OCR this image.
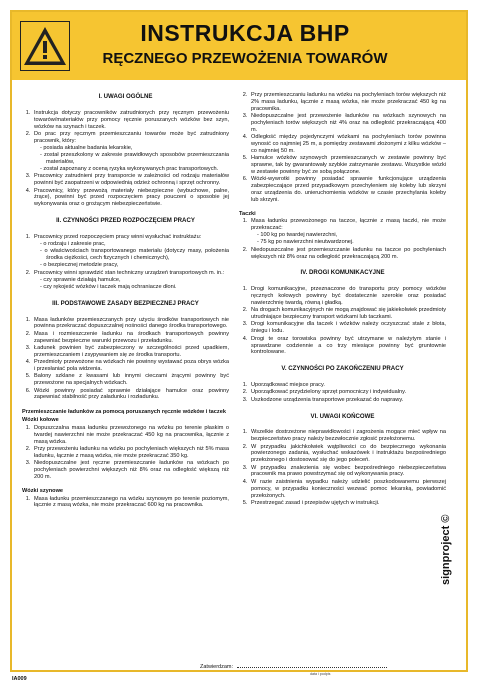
INSTRUKCJA BHP
RĘCZNEGO PRZEWOŻENIA TOWARÓW
I. UWAGI OGÓLNE
1. Instrukcja dotyczy pracowników zatrudnionych przy ręcznym przewożeniu towarów/materiałów przy pomocy ręcznie poruszanych wózków bez szyn, wózków na szynach i taczek.
2. Do prac przy ręcznym przemieszczaniu towarów może być zatrudniony pracownik, który:
- posiada aktualne badania lekarskie,
- został przeszkolony w zakresie prawidłowych sposobów przemieszczania materiałów,
- został zapoznany z oceną ryzyka wykonywanych prac transportowych.
3. Pracownicy zatrudnieni przy transporcie w zależności od rodzaju materiałów powinni być zaopatrzeni w odpowiednią odzież ochronną i sprzęt ochronny.
4. Pracownicy, który przewożą materiały niebezpieczne (wybuchowe, palne, żrące), powinni być przed rozpoczęciem pracy pouczeni o sposobie jej wykonywania oraz o grożącym niebezpieczeństwie.
II. CZYNNOŚCI PRZED ROZPOCZĘCIEM PRACY
1. Pracownicy przed rozpoczęciem pracy winni wysłuchać instruktażu:
- o rodzaju i zakresie prac,
- o właściwościach transportowanego materiału (dotyczy masy, położenia środka ciężkości, cech fizycznych i chemicznych),
- o bezpiecznej metodzie pracy,
2. Pracownicy winni sprawdzić stan techniczny urządzeń transportowych m. in.:
- czy sprawnie działają hamulce,
- czy rękojeść wózków i taczek mają ochraniacze dłoni.
III. PODSTAWOWE ZASADY BEZPIECZNEJ PRACY
1. Masa ładunków przemieszczanych przy użyciu środków transportowych nie powinna przekraczać dopuszczalnej nośności danego środka transportowego.
2. Masa i rozmieszczenie ładunku na środkach transportowych powinny zapewniać bezpieczne warunki przewozu i przeładunku.
3. Ładunek powinien być zabezpieczony w szczególności przed upadkiem, przemieszczaniem i zsypywaniem się ze środka transportu.
4. Przedmioty przewożone na wózkach nie powinny wystawać poza obrys wózka i przesłaniać pola widzenia.
5. Balony szklane z kwasami lub innymi cieczami żrącymi powinny być przewożone na specjalnych wózkach.
6. Wózki powinny posiadać sprawnie działające hamulce oraz powinny zapewniać stabilność przy załadunku i rozładunku.
Przemieszczanie ładunków za pomocą poruszanych ręcznie wózków i taczek
Wózki kołowe
1. Dopuszczalna masa ładunku przewożonego na wózku po terenie płaskim o twardej nawierzchni nie może przekraczać 450 kg na pracownika, łącznie z masą wózka.
2. Przy przewożeniu ładunku na wózku po pochyleniach większych niż 5% masa ładunku, łącznie z masą wózka, nie może przekraczać 350 kg.
3. Niedopuszczalne jest ręczne przemieszczanie ładunków na wózkach po pochyleniach powierzchni większych niż 8% oraz na odległość większą niż 200 m.
Wózki szynowe
1. Masa ładunku przemieszczanego na wózku szynowym po terenie poziomym, łącznie z masą wózka, nie może przekraczać 600 kg na pracownika.
2. Przy przemieszczaniu ładunku na wózku na pochyleniach torów większych niż 2% masa ładunku, łącznie z masą wózka, nie może przekraczać 450 kg na pracownika.
3. Niedopuszczalne jest przewożenie ładunków na wózkach szynowych na pochyleniach torów większych niż 4% oraz na odległość przekraczającą 400 m.
4. Odległość między pojedynczymi wózkami na pochyleniach torów powinna wynosić co najmniej 25 m, a pomiędzy zestawami złożonymi z kilku wózków – co najmniej 50 m.
5. Hamulce wózków szynowych przemieszczanych w zestawie powinny być sprawne, tak by gwarantowały szybkie zatrzymanie zestawu. Wszystkie wózki w zestawie powinny być ze sobą połączone.
6. Wózki-wywrotki powinny posiadać sprawnie funkcjonujące urządzenia zabezpieczające przed przypadkowym przechyleniem się koleby lub skrzyni oraz urządzenia do. unieruchomienia wózków w czasie przechylania koleby lub skrzyni.
Taczki
1. Masa ładunku przewożonego na taczce, łącznie z masą taczki, nie może przekraczać:
- 100 kg po twardej nawierzchni,
- 75 kg po nawierzchni nieutwardzonej.
2. Niedopuszczalne jest przemieszczanie ładunku na taczce po pochyleniach większych niż 8% oraz na odległość przekraczającą 200 m.
IV. DROGI KOMUNIKACYJNE
1. Drogi komunikacyjne, przeznaczone do transportu przy pomocy wózków ręcznych kołowych powinny być dostatecznie szerokie oraz posiadać nawierzchnię twardą, równą i gładką.
2. Na drogach komunikacyjnych nie mogą znajdować się jakiekolwiek przedmioty utrudniające bezpieczny transport wózkami lub taczkami.
3. Drogi komunikacyjne dla taczek i wózków należy oczyszczać stale z błota, śniegu i lodu.
4. Drogi te oraz torowiska powinny być utrzymane w należytym stanie i sprawdzane codziennie a co trzy miesiące powinny być gruntownie kontrolowane.
V. CZYNNOŚCI PO ZAKOŃCZENIU PRACY
1. Uporządkować miejsce pracy.
2. Uporządkować przydzielony sprzęt pomocniczy i indywidualny.
3. Uszkodzone urządzenia transportowe przekazać do naprawy.
VI. UWAGI KOŃCOWE
1. Wszelkie dostrzeżone nieprawidłowości i zagrożenia mogące mieć wpływ na bezpieczeństwo pracy należy bezzwłocznie zgłosić przełożonemu.
2. W przypadku jakichkolwiek wątpliwości co do bezpiecznego wykonania powierzonego zadania, wysłuchać wskazówek i instruktażu bezpośredniego przełożonego i dostosować się do jego poleceń.
3. W przypadku znalezienia się wobec bezpośredniego niebezpieczeństwa pracownik ma prawo powstrzymać się od wykonywania pracy.
4. W razie zaistnienia wypadku należy udzielić poszkodowanemu pierwszej pomocy, w przypadku konieczności wezwać pomoc lekarską, powiadomić przełożonych.
5. Przestrzegać zasad i przepisów ujętych w instrukcji.
Zatwierdzam:
data i podpis
signproject ©
IA009
